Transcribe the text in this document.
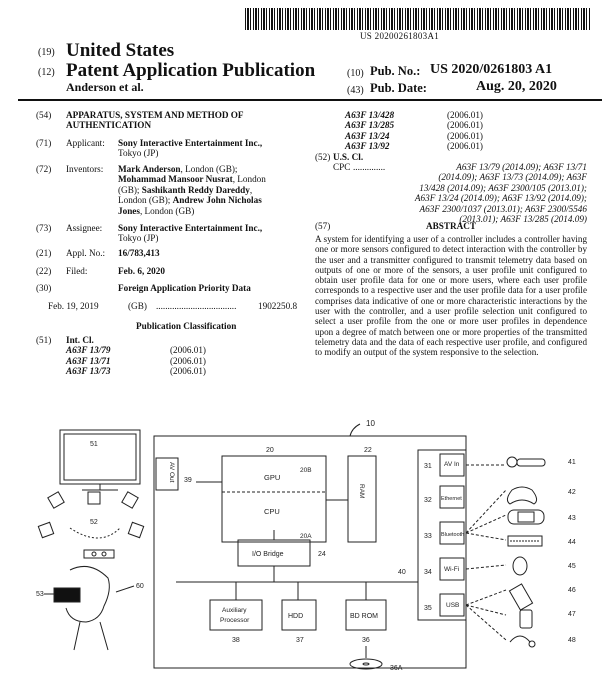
US 20200261803A1
(19) United States
(12) Patent Application Publication
Anderson et al.
(10) Pub. No.: US 2020/0261803 A1
(43) Pub. Date:	Aug. 20, 2020
(54) APPARATUS, SYSTEM AND METHOD OF AUTHENTICATION
(71) Applicant: Sony Interactive Entertainment Inc.,
Tokyo (JP)
(72) Inventors: Mark Anderson, London (GB);
Mohammad Mansoor Nusrat, London
(GB); Sashikanth Reddy Dareddy,
London (GB); Andrew John Nicholas
Jones, London (GB)
(73) Assignee: Sony Interactive Entertainment Inc.,
Tokyo (JP)
(21) Appl. No.: 16/783,413
(22) Filed:	Feb. 6, 2020
(30)	Foreign Application Priority Data
Feb. 19, 2019	(GB) ................................... 1902250.8
Publication Classification
(51) Int. Cl.
A63F 13/79	(2006.01)
A63F 13/71	(2006.01)
A63F 13/73	(2006.01)
A63F 13/428	(2006.01)
A63F 13/285	(2006.01)
A63F 13/24	(2006.01)
A63F 13/92	(2006.01)
(52) U.S. Cl.
CPC ..............	A63F 13/79 (2014.09); A63F 13/71
(2014.09); A63F 13/73 (2014.09); A63F
13/428 (2014.09); A63F 2300/105 (2013.01);
A63F 13/24 (2014.09); A63F 13/92 (2014.09);
A63F 2300/1037 (2013.01); A63F 2300/5546
(2013.01); A63F 13/285 (2014.09)
(57)	ABSTRACT
A system for identifying a user of a controller includes a controller having one or more sensors configured to detect interaction with the controller by the user and a transmitter configured to transmit telemetry data based on outputs of one or more of the sensors, a user profile unit configured to obtain user profile data for one or more users, where each user profile corresponds to a respective user and the user profile data for a user profile comprises data indicative of one or more characteristic interactions by the user with the controller, and a user profile selection unit configured to select a user profile from the one or more user profiles in dependence upon a degree of match between one or more properties of the transmitted telemetry data and the data of each respective user profile, and configured to modify an output of the system responsive to the selection.
10
51
52
60
53
AV Out 39	GPU
CPU
20B
20A
20
RAM
22
I/O Bridge	24
40
Auxiliary
Processor
38
HDD
37
BD ROM
36
36A
AV In
Ethernet
Bluetooth
Wi-Fi
USB
31
32
33
34
35
41
42
43
44
45
46
47
48
